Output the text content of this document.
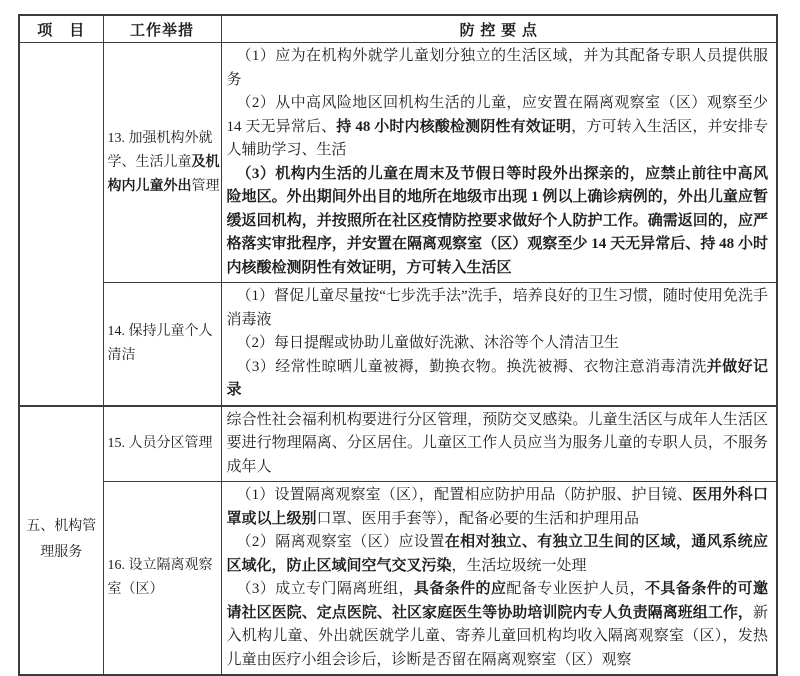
项　目	工作举措	防 控 要 点
	13. 加强机构外就学、生活儿童及机构内儿童外出管理	（1）应为在机构外就学儿童划分独立的生活区域，并为其配备专职人员提供服务

（2）从中高风险地区回机构生活的儿童，应安置在隔离观察室（区）观察至少 14 天无异常后、持 48 小时内核酸检测阴性有效证明，方可转入生活区，并安排专人辅助学习、生活

（3）机构内生活的儿童在周末及节假日等时段外出探亲的，应禁止前往中高风险地区。外出期间外出目的地所在地级市出现 1 例以上确诊病例的，外出儿童应暂缓返回机构，并按照所在社区疫情防控要求做好个人防护工作。确需返回的，应严格落实审批程序，并安置在隔离观察室（区）观察至少 14 天无异常后、持 48 小时内核酸检测阴性有效证明，方可转入生活区

	14. 保持儿童个人清洁	（1）督促儿童尽量按“七步洗手法”洗手，培养良好的卫生习惯，随时使用免洗手消毒液

（2）每日提醒或协助儿童做好洗漱、沐浴等个人清洁卫生

（3）经常性晾晒儿童被褥，勤换衣物。换洗被褥、衣物注意消毒清洗并做好记录

五、机构管理服务	15. 人员分区管理	综合性社会福利机构要进行分区管理，预防交叉感染。儿童生活区与成年人生活区要进行物理隔离、分区居住。儿童区工作人员应当为服务儿童的专职人员，不服务成年人

	16. 设立隔离观察室（区）	（1）设置隔离观察室（区），配置相应防护用品（防护服、护目镜、医用外科口罩或以上级别口罩、医用手套等），配备必要的生活和护理用品

（2）隔离观察室（区）应设置在相对独立、有独立卫生间的区域，通风系统应区域化，防止区域间空气交叉污染，生活垃圾统一处理

（3）成立专门隔离班组，具备条件的应配备专业医护人员，不具备条件的可邀请社区医院、定点医院、社区家庭医生等协助培训院内专人负责隔离班组工作，新入机构儿童、外出就医就学儿童、寄养儿童回机构均收入隔离观察室（区），发热儿童由医疗小组会诊后，诊断是否留在隔离观察室（区）观察
